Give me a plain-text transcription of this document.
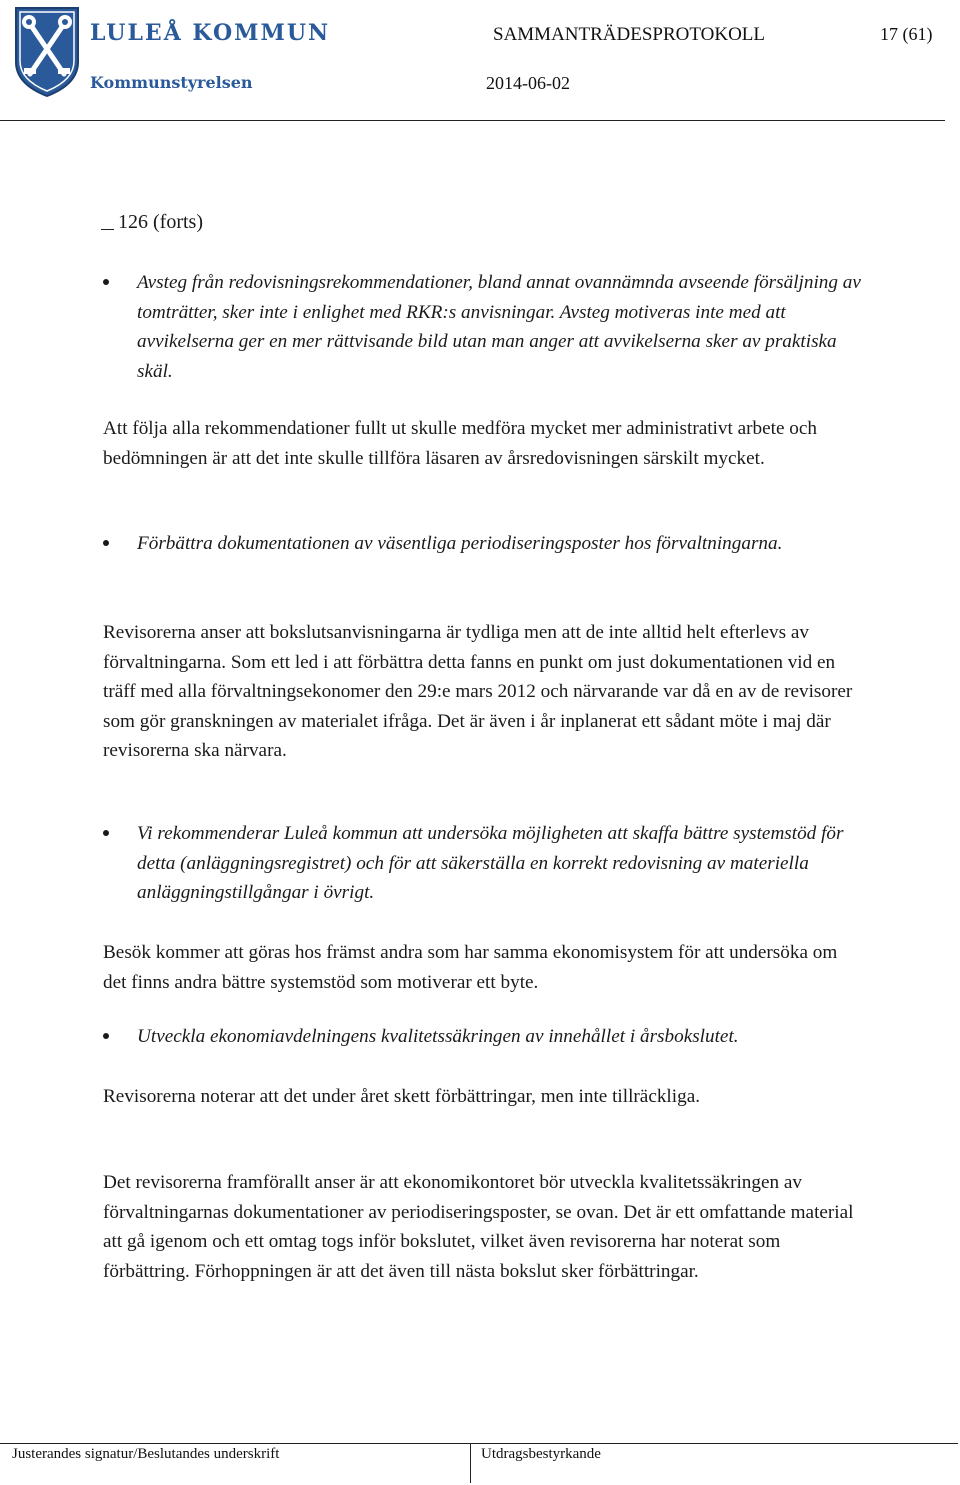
LULEÅ KOMMUN
Kommunstyrelsen
SAMMANTRÄDESPROTOKOLL
2014-06-02
17 (61)
126 (forts)

Avsteg från redovisningsrekommendationer, bland annat ovannämnda avseende försäljning av tomträtter, sker inte i enlighet med RKR:s anvisningar. Avsteg motiveras inte med att avvikelserna ger en mer rättvisande bild utan man anger att avvikelserna sker av praktiska skäl.

Att följa alla rekommendationer fullt ut skulle medföra mycket mer administrativt arbete och bedömningen är att det inte skulle tillföra läsaren av årsredovisningen särskilt mycket.

Förbättra dokumentationen av väsentliga periodiseringsposter hos förvaltningarna.

Revisorerna anser att bokslutsanvisningarna är tydliga men att de inte alltid helt efterlevs av förvaltningarna. Som ett led i att förbättra detta fanns en punkt om just dokumentationen vid en träff med alla förvaltningsekonomer den 29:e mars 2012 och närvarande var då en av de revisorer som gör granskningen av materialet ifråga. Det är även i år inplanerat ett sådant möte i maj där revisorerna ska närvara.

Vi rekommenderar Luleå kommun att undersöka möjligheten att skaffa bättre systemstöd för detta (anläggningsregistret) och för att säkerställa en korrekt redovisning av materiella anläggningstillgångar i övrigt.

Besök kommer att göras hos främst andra som har samma ekonomisystem för att undersöka om det finns andra bättre systemstöd som motiverar ett byte.

Utveckla ekonomiavdelningens kvalitetssäkringen av innehållet i årsbokslutet.

Revisorerna noterar att det under året skett förbättringar, men inte tillräckliga.

Det revisorerna framförallt anser är att ekonomikontoret bör utveckla kvalitetssäkringen av förvaltningarnas dokumentationer av periodiseringsposter, se ovan. Det är ett omfattande material att gå igenom och ett omtag togs inför bokslutet, vilket även revisorerna har noterat som förbättring. Förhoppningen är att det även till nästa bokslut sker förbättringar.

Justerandes signatur/Beslutandes underskrift	Utdragsbestyrkande
